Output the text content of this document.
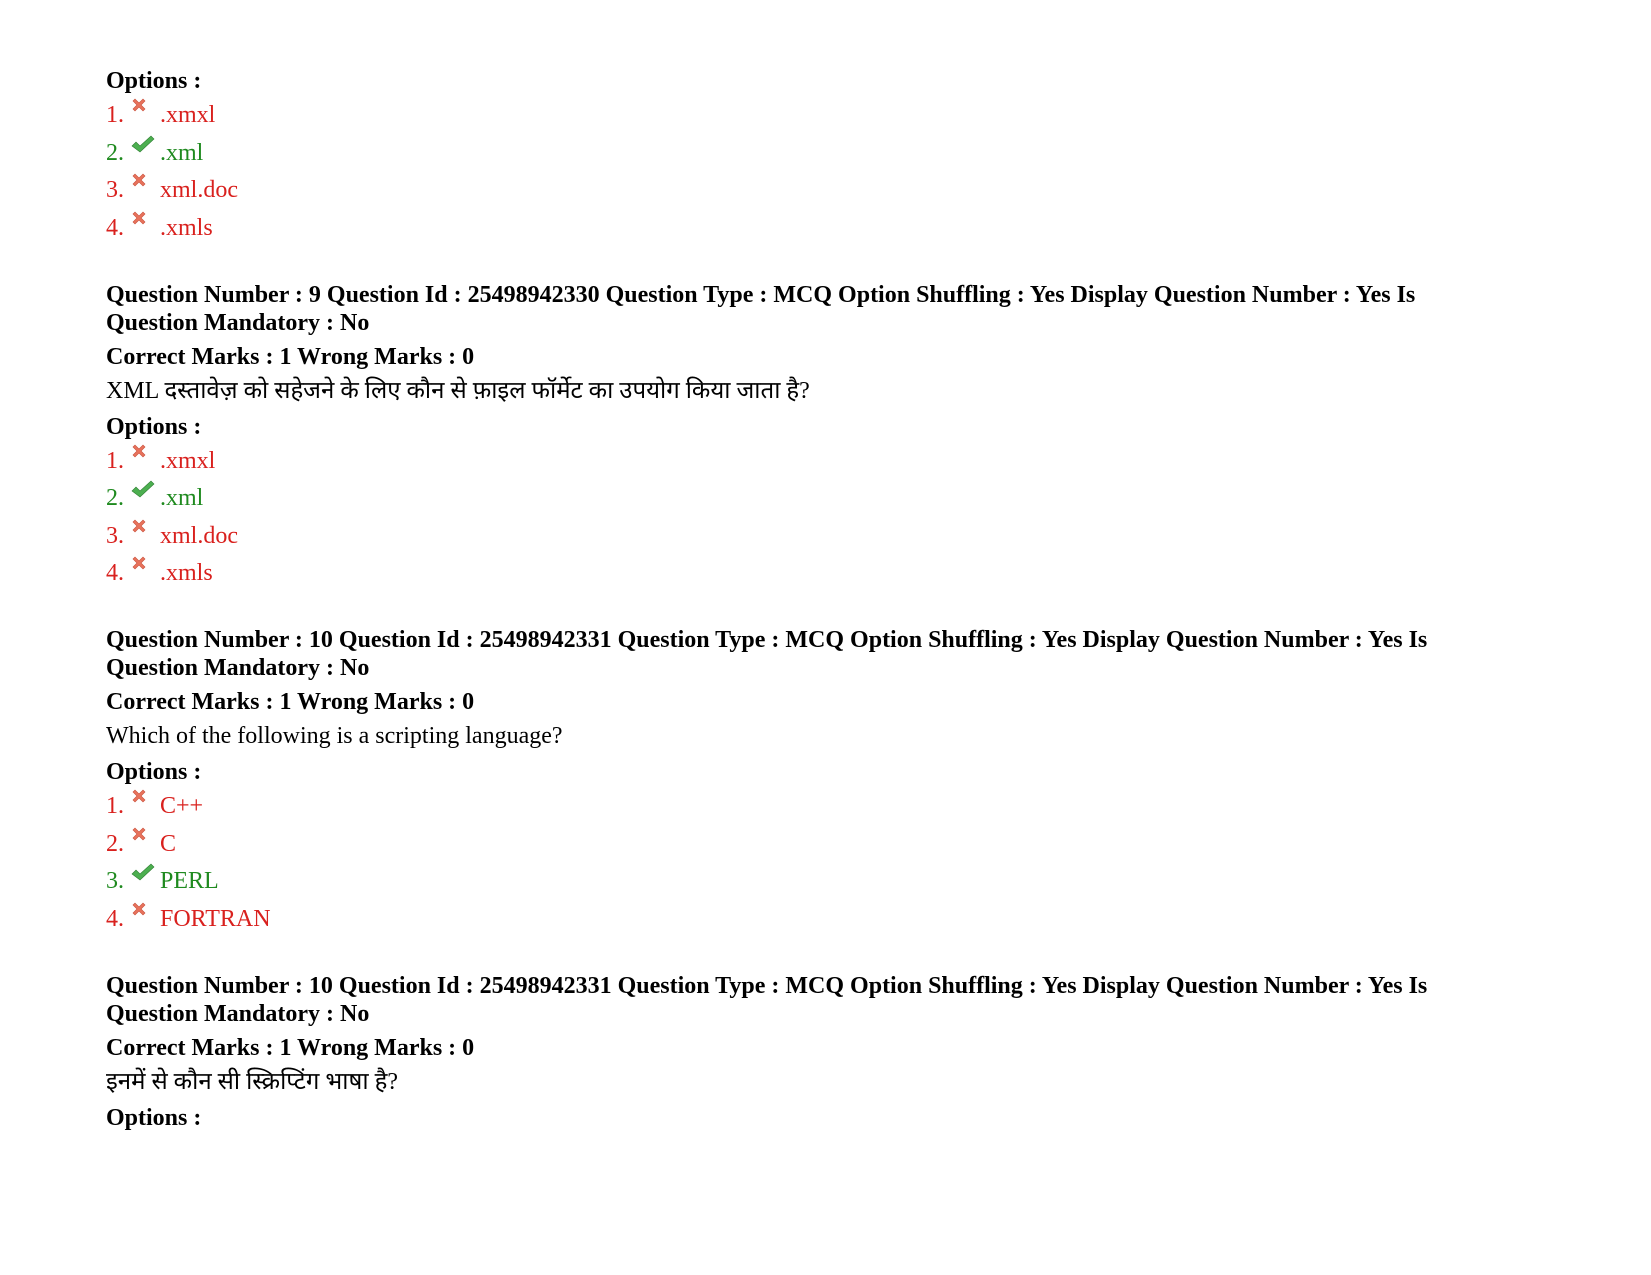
Options :
1. .xmxl
2. .xml
3. xml.doc
4. .xmls
Question Number : 9 Question Id : 25498942330 Question Type : MCQ Option Shuffling : Yes Display Question Number : Yes Is Question Mandatory : No
Correct Marks : 1 Wrong Marks : 0
XML दस्तावेज़ को सहेजने के लिए कौन से फ़ाइल फॉर्मेट का उपयोग किया जाता है?
Options :
1. .xmxl
2. .xml
3. xml.doc
4. .xmls
Question Number : 10 Question Id : 25498942331 Question Type : MCQ Option Shuffling : Yes Display Question Number : Yes Is Question Mandatory : No
Correct Marks : 1 Wrong Marks : 0
Which of the following is a scripting language?
Options :
1. C++
2. C
3. PERL
4. FORTRAN
Question Number : 10 Question Id : 25498942331 Question Type : MCQ Option Shuffling : Yes Display Question Number : Yes Is Question Mandatory : No
Correct Marks : 1 Wrong Marks : 0
इनमें से कौन सी स्क्रिप्टिंग भाषा है?
Options :
